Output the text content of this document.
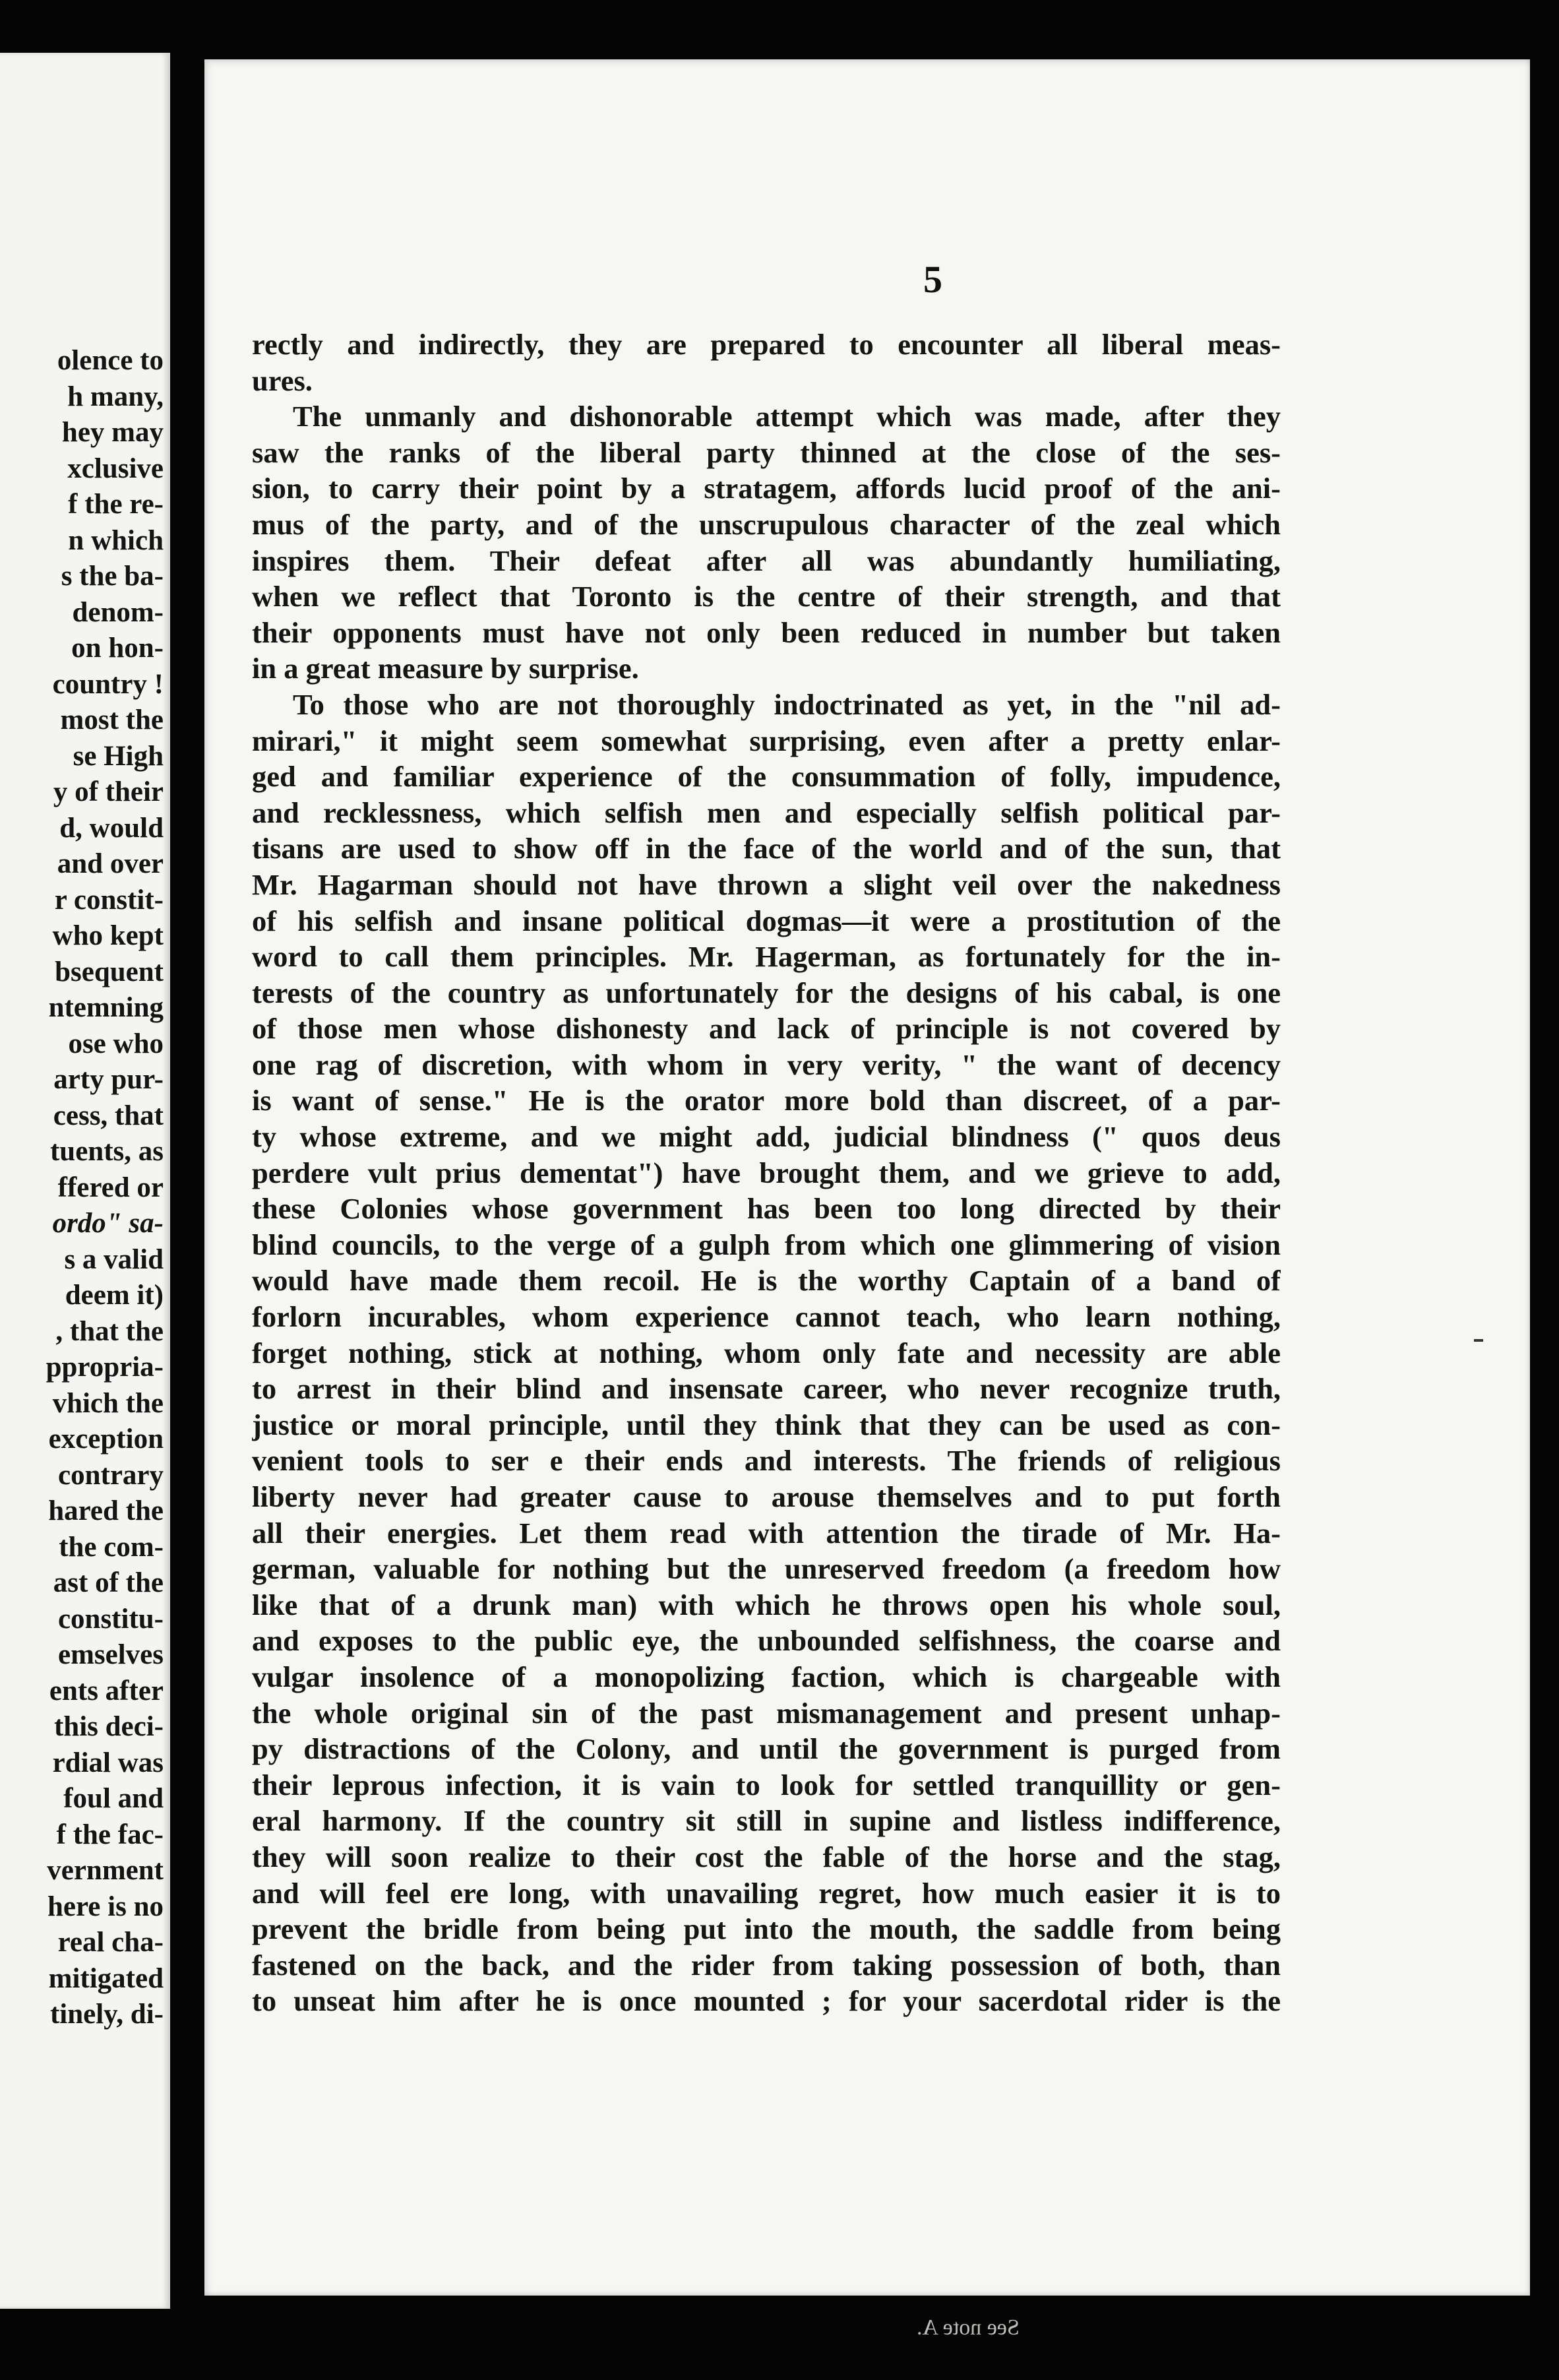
olence to
h many,
hey may
xclusive
f the re-
n which
s the ba-
denom-
on hon-
country !
most the
se High
y of their
d, would
and over
r constit-
who kept
bsequent
ntemning
ose who
arty pur-
cess, that
tuents, as
ffered or
ordo" sa-
s a valid
deem it)
, that the
ppropria-
vhich the
exception
contrary
hared the
the com-
ast of the
constitu-
emselves
ents after
this deci-
rdial was
foul and
f the fac-
vernment
here is no
real cha-
mitigated
tinely, di-

5

rectly and indirectly, they are prepared to encounter all liberal meas-
ures.
The unmanly and dishonorable attempt which was made, after they
saw the ranks of the liberal party thinned at the close of the ses-
sion, to carry their point by a stratagem, affords lucid proof of the ani-
mus of the party, and of the unscrupulous character of the zeal which
inspires them. Their defeat after all was abundantly humiliating,
when we reflect that Toronto is the centre of their strength, and that
their opponents must have not only been reduced in number but taken
in a great measure by surprise.
To those who are not thoroughly indoctrinated as yet, in the "nil ad-
mirari," it might seem somewhat surprising, even after a pretty enlar-
ged and familiar experience of the consummation of folly, impudence,
and recklessness, which selfish men and especially selfish political par-
tisans are used to show off in the face of the world and of the sun, that
Mr. Hagarman should not have thrown a slight veil over the nakedness
of his selfish and insane political dogmas—it were a prostitution of the
word to call them principles. Mr. Hagerman, as fortunately for the in-
terests of the country as unfortunately for the designs of his cabal, is one
of those men whose dishonesty and lack of principle is not covered by
one rag of discretion, with whom in very verity, " the want of decency
is want of sense." He is the orator more bold than discreet, of a par-
ty whose extreme, and we might add, judicial blindness (" quos deus
perdere vult prius dementat") have brought them, and we grieve to add,
these Colonies whose government has been too long directed by their
blind councils, to the verge of a gulph from which one glimmering of vision
would have made them recoil. He is the worthy Captain of a band of
forlorn incurables, whom experience cannot teach, who learn nothing,
forget nothing, stick at nothing, whom only fate and necessity are able
to arrest in their blind and insensate career, who never recognize truth,
justice or moral principle, until they think that they can be used as con-
venient tools to ser e their ends and interests. The friends of religious
liberty never had greater cause to arouse themselves and to put forth
all their energies. Let them read with attention the tirade of Mr. Ha-
german, valuable for nothing but the unreserved freedom (a freedom how
like that of a drunk man) with which he throws open his whole soul,
and exposes to the public eye, the unbounded selfishness, the coarse and
vulgar insolence of a monopolizing faction, which is chargeable with
the whole original sin of the past mismanagement and present unhap-
py distractions of the Colony, and until the government is purged from
their leprous infection, it is vain to look for settled tranquillity or gen-
eral harmony. If the country sit still in supine and listless indifference,
they will soon realize to their cost the fable of the horse and the stag,
and will feel ere long, with unavailing regret, how much easier it is to
prevent the bridle from being put into the mouth, the saddle from being
fastened on the back, and the rider from taking possession of both, than
to unseat him after he is once mounted ; for your sacerdotal rider is the

See note A.
